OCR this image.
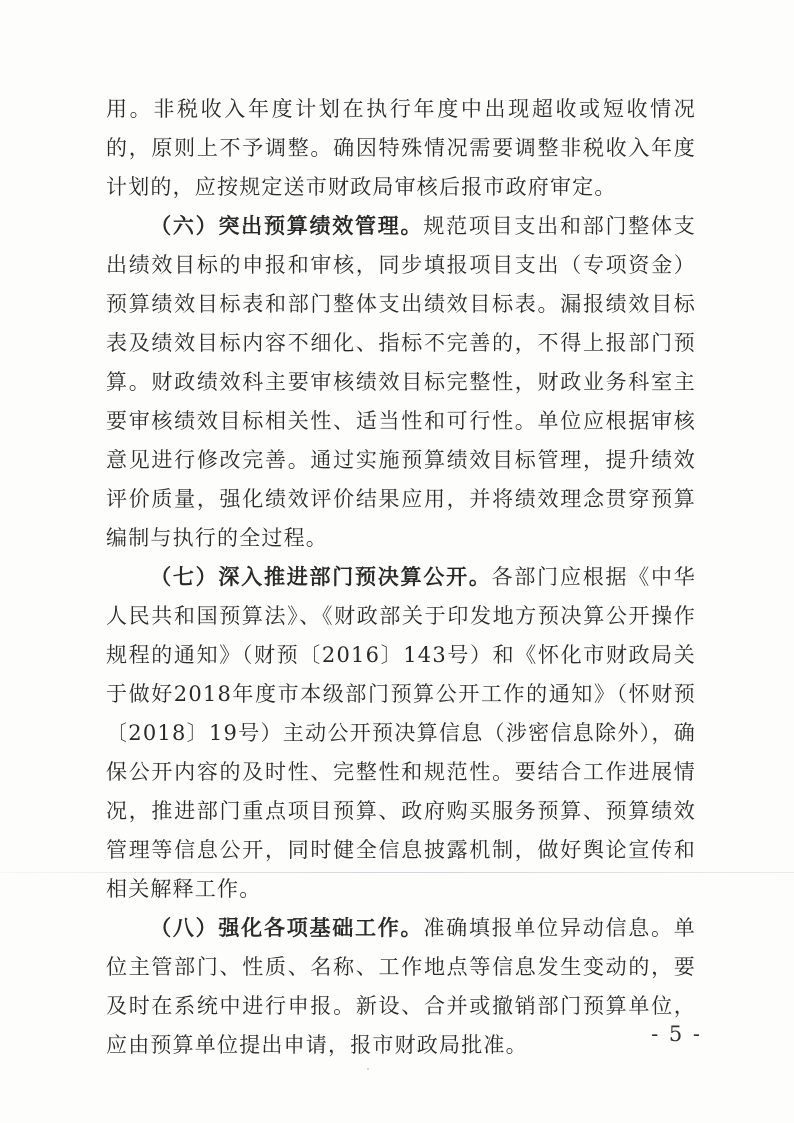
用。非税收入年度计划在执行年度中出现超收或短收情况的，原则上不予调整。确因特殊情况需要调整非税收入年度计划的，应按规定送市财政局审核后报市政府审定。

（六）突出预算绩效管理。规范项目支出和部门整体支出绩效目标的申报和审核，同步填报项目支出（专项资金）预算绩效目标表和部门整体支出绩效目标表。漏报绩效目标表及绩效目标内容不细化、指标不完善的，不得上报部门预算。财政绩效科主要审核绩效目标完整性，财政业务科室主要审核绩效目标相关性、适当性和可行性。单位应根据审核意见进行修改完善。通过实施预算绩效目标管理，提升绩效评价质量，强化绩效评价结果应用，并将绩效理念贯穿预算编制与执行的全过程。

（七）深入推进部门预决算公开。各部门应根据《中华人民共和国预算法》、《财政部关于印发地方预决算公开操作规程的通知》（财预〔2016〕143号）和《怀化市财政局关于做好2018年度市本级部门预算公开工作的通知》（怀财预〔2018〕19号）主动公开预决算信息（涉密信息除外），确保公开内容的及时性、完整性和规范性。要结合工作进展情况，推进部门重点项目预算、政府购买服务预算、预算绩效管理等信息公开，同时健全信息披露机制，做好舆论宣传和相关解释工作。

（八）强化各项基础工作。准确填报单位异动信息。单位主管部门、性质、名称、工作地点等信息发生变动的，要及时在系统中进行申报。新设、合并或撤销部门预算单位，应由预算单位提出申请，报市财政局批准。	- 5 -
